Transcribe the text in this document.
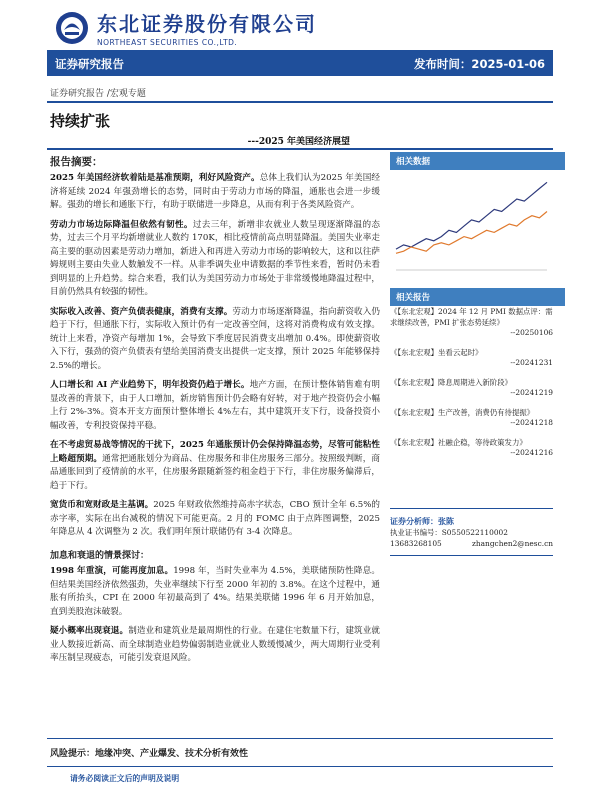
东北证券股份有限公司
NORTHEAST SECURITIES CO.,LTD.
证券研究报告	发布时间：2025-01-06
证券研究报告 /宏观专题
持续扩张
---2025 年美国经济展望
报告摘要：

2025 年美国经济软着陆是基准预期，利好风险资产。总体上我们认为2025 年美国经济将延续 2024 年强劲增长的态势，同时由于劳动力市场的降温，通胀也会进一步缓解。强劲的增长和通胀下行，有助于联储进一步降息，从而有利于各类风险资产。

劳动力市场边际降温但依然有韧性。过去三年，新增非农就业人数呈现逐渐降温的态势，过去三个月平均新增就业人数约 170K，相比疫情前高点明显降温。美国失业率走高主要的驱动因素是劳动力增加，新进入和再进入劳动力市场的影响较大，这和以往萨姆规则主要由失业人数触发不一样。从非季调失业申请数据的季节性来看，暂时仍未看到明显的上升趋势。综合来看，我们认为美国劳动力市场处于非常缓慢地降温过程中，目前仍然具有较强的韧性。

实际收入改善、资产负债表健康，消费有支撑。劳动力市场逐渐降温，指向薪资收入仍趋于下行，但通胀下行，实际收入预计仍有一定改善空间，这将对消费构成有效支撑。统计上来看，净资产每增加 1%，会导致下季度居民消费支出增加 0.4%。即使薪资收入下行，强劲的资产负债表有望给美国消费支出提供一定支撑，预计 2025 年能够保持 2.5%的增长。

人口增长和 AI 产业趋势下，明年投资仍趋于增长。地产方面，在预计整体销售难有明显改善的背景下，由于人口增加，新房销售预计仍会略有好转，对于地产投资仍会小幅上行 2%-3%。资本开支方面预计整体增长 4%左右，其中建筑开支下行，设备投资小幅改善，专利投资保持平稳。

在不考虑贸易战等情况的干扰下，2025 年通胀预计仍会保持降温态势，尽管可能粘性上略超预期。通常把通胀划分为商品、住房服务和非住房服务三部分。按照级判断，商品通胀回到了疫情前的水平，住房服务跟随新签约租金趋于下行，非住房服务偏滞后，趋于下行。

宽货币和宽财政是主基调。2025 年财政依然维持高赤字状态，CBO 预计全年 6.5%的赤字率，实际在出台减税的情况下可能更高。2 月的 FOMC 由于点阵图调整，2025 年降息从 4 次调整为 2 次。我们明年预计联储仍有 3-4 次降息。

加息和衰退的情景探讨：

1998 年重演，可能再度加息。1998 年，当时失业率为 4.5%，美联储预防性降息。但结果美国经济依然强劲，失业率继续下行至 2000 年初的 3.8%。在这个过程中，通胀有所抬头，CPI 在 2000 年初最高到了 4%。结果美联储 1996 年 6 月开始加息，直到美股泡沫破裂。

疑小概率出现衰退。制造业和建筑业是最周期性的行业。在建住宅数量下行，建筑业就业人数接近新高、而全球制造业趋势偏弱制造业就业人数缓慢减少，两大周期行业受利率压制呈现疲态，可能引发衰退风险。

相关数据
相关报告
《【东北宏观】2024 年 12 月 PMI 数据点评：需求继续改善，PMI 扩张态势延续》
--20250106
《【东北宏观】坐看云起时》
--20241231
《【东北宏观】降息周期进入新阶段》
--20241219
《【东北宏观】生产改善，消费仍有待提振》
--20241218
《【东北宏观】社融企稳，等待政策发力》
--20241216
证券分析师：张陈
执业证书编号：S0550522110002
13683268105	zhangchen2@nesc.cn
风险提示：地缘冲突、产业爆发、技术分析有效性
请务必阅读正文后的声明及说明
